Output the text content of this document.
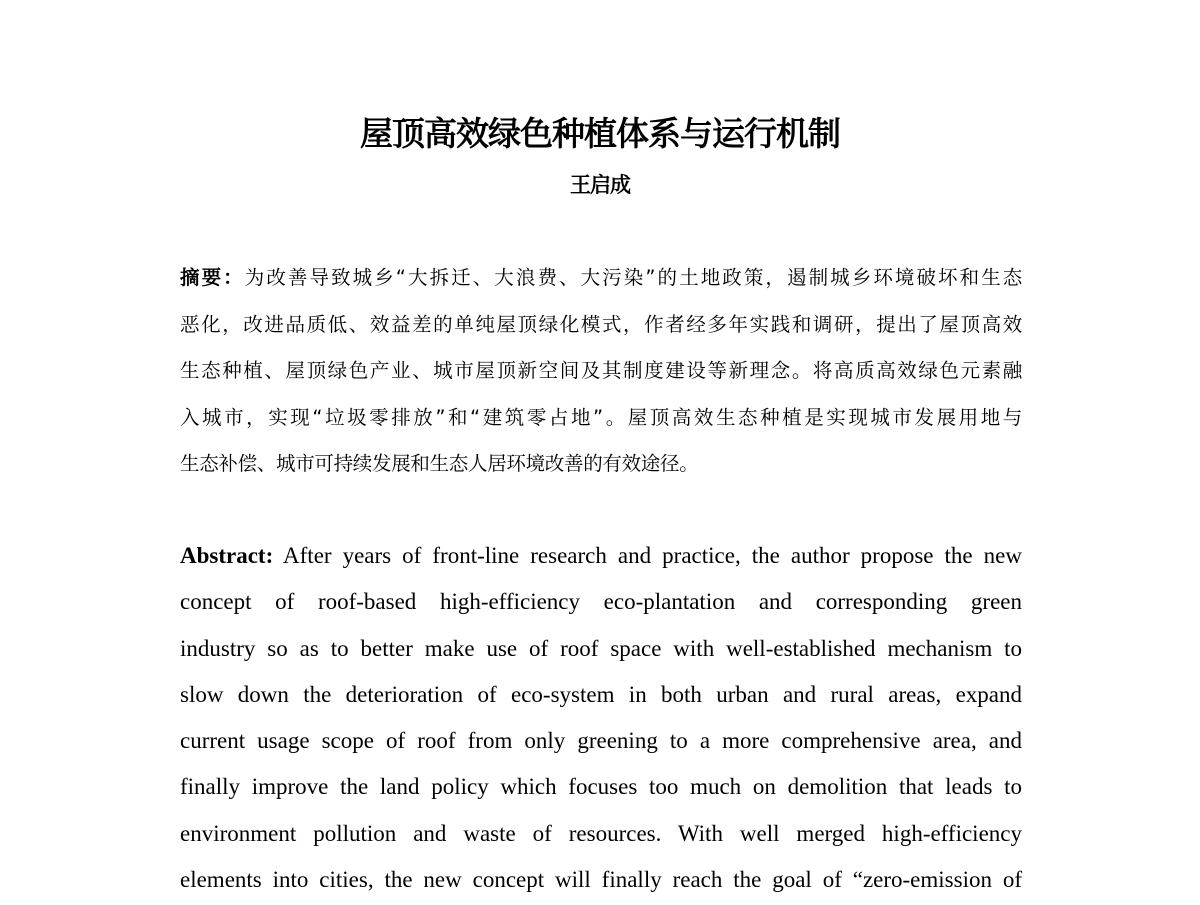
屋顶高效绿色种植体系与运行机制
王启成
摘要：为改善导致城乡“大拆迁、大浪费、大污染”的土地政策，遏制城乡环境破坏和生态
恶化，改进品质低、效益差的单纯屋顶绿化模式，作者经多年实践和调研，提出了屋顶高效
生态种植、屋顶绿色产业、城市屋顶新空间及其制度建设等新理念。将高质高效绿色元素融
入城市，实现“垃圾零排放”和“建筑零占地”。屋顶高效生态种植是实现城市发展用地与
生态补偿、城市可持续发展和生态人居环境改善的有效途径。
Abstract: After years of front-line research and practice, the author propose the new
concept of roof-based high-efficiency eco-plantation and corresponding green
industry so as to better make use of roof space with well-established mechanism to
slow down the deterioration of eco-system in both urban and rural areas, expand
current usage scope of roof from only greening to a more comprehensive area, and
finally improve the land policy which focuses too much on demolition that leads to
environment pollution and waste of resources. With well merged high-efficiency
elements into cities, the new concept will finally reach the goal of “zero-emission of
